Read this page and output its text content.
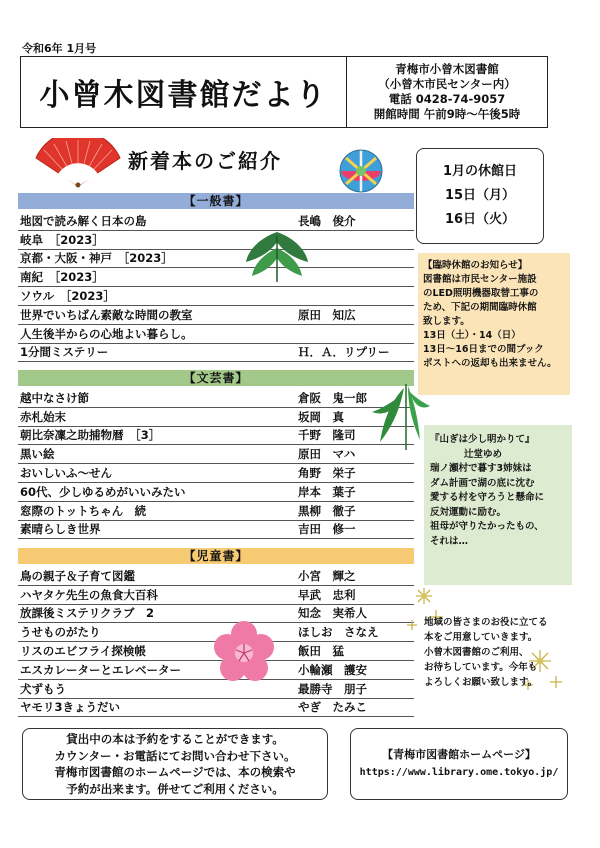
令和6年 1月号
小曾木図書館だより
青梅市小曾木図書館
（小曾木市民センター内）
電話 0428-74-9057
開館時間 午前9時～午後5時
新着本のご紹介
【一般書】
地図で読み解く日本の島	長嶋　俊介
岐阜　［2023］
京都・大阪・神戸　［2023］
南紀　［2023］
ソウル　［2023］
世界でいちばん素敵な時間の教室	原田　知広
人生後半からの心地よい暮らし。
1分間ミステリー	Ｈ．Ａ．リプリー
【文芸書】
越中なさけ節	倉阪　鬼一郎
赤札始末	坂岡　真
朝比奈凜之助捕物暦　［3］	千野　隆司
黒い絵	原田　マハ
おいしいふ～せん	角野　栄子
60代、少しゆるめがいいみたい	岸本　葉子
窓際のトットちゃん　続	黒柳　徹子
素晴らしき世界	吉田　修一
【児童書】
鳥の親子＆子育て図鑑	小宮　輝之
ハヤタケ先生の魚食大百科	早武　忠利
放課後ミステリクラブ　2	知念　実希人
うせものがたり	ほしお　さなえ
リスのエビフライ探検帳	飯田　猛
エスカレーターとエレベーター	小輪瀬　護安
犬ずもう	最勝寺　朋子
ヤモリ3きょうだい	やぎ　たみこ
1月の休館日
15日（月）
16日（火）
【臨時休館のお知らせ】
図書館は市民センター施設
のLED照明機器取替工事の
ため、下記の期間臨時休館
致します。
13日（土）・14（日）
13日～16日までの間ブック
ポストへの返却も出来ません。
『山ぎは少し明かりて』
辻堂ゆめ
瑞ノ瀬村で暮す3姉妹は
ダム計画で湖の底に沈む
愛する村を守ろうと懸命に
反対運動に励む。
祖母が守りたかったもの、
それは…
地域の皆さまのお役に立てる
本をご用意していきます。
小曾木図書館のご利用、
お待ちしています。今年も
よろしくお願い致します。
貸出中の本は予約をすることができます。
カウンター・お電話にてお問い合わせ下さい。
青梅市図書館のホームページでは、本の検索や
予約が出来ます。併せてご利用ください。
【青梅市図書館ホームページ】
https://www.library.ome.tokyo.jp/
